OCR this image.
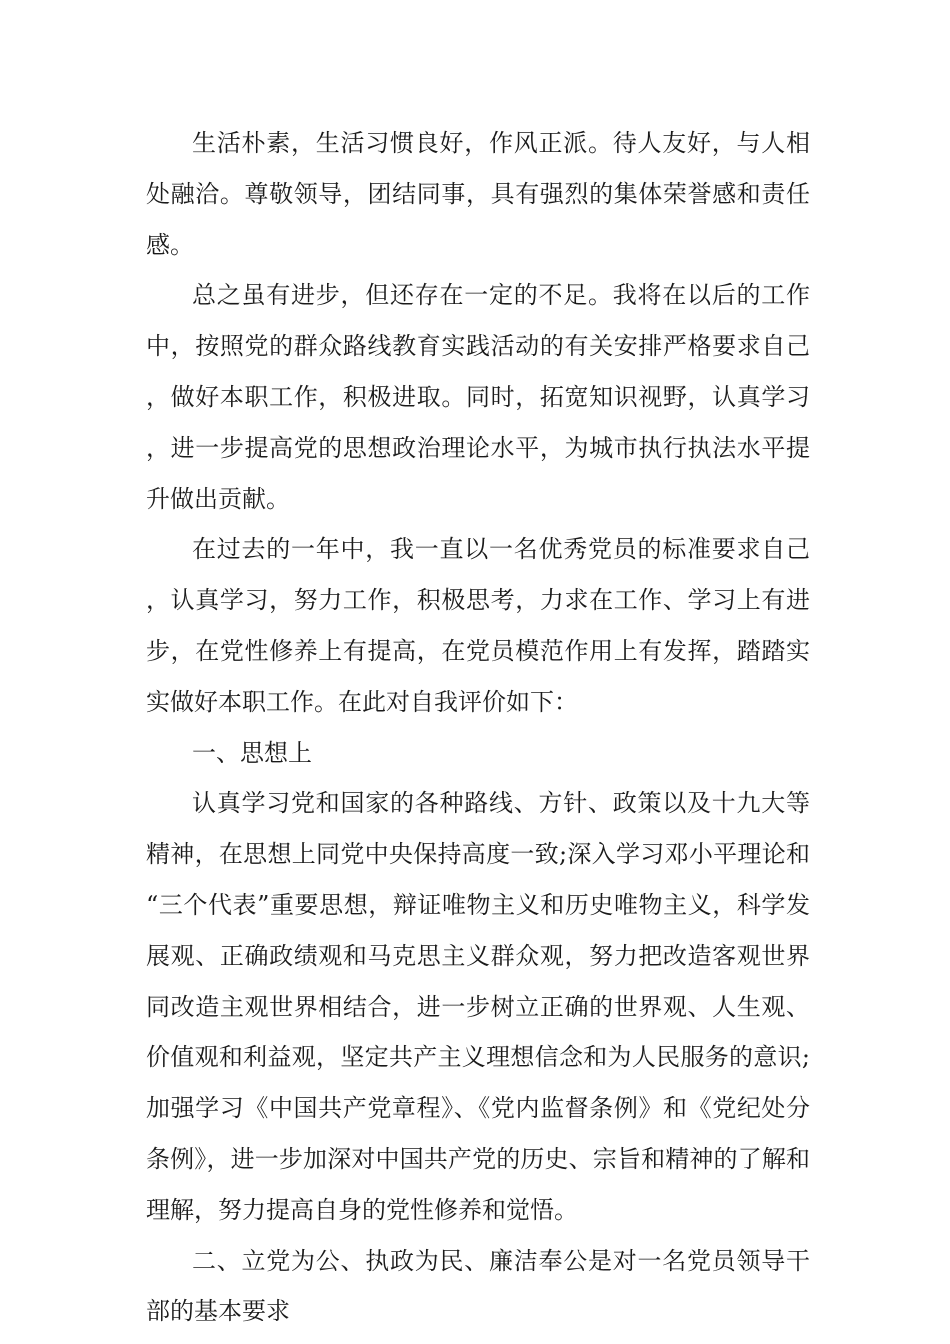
生活朴素，生活习惯良好，作风正派。待人友好，与人相处融洽。尊敬领导，团结同事，具有强烈的集体荣誉感和责任感。

总之虽有进步，但还存在一定的不足。我将在以后的工作中，按照党的群众路线教育实践活动的有关安排严格要求自己，做好本职工作，积极进取。同时，拓宽知识视野，认真学习，进一步提高党的思想政治理论水平，为城市执行执法水平提升做出贡献。

在过去的一年中，我一直以一名优秀党员的标准要求自己，认真学习，努力工作，积极思考，力求在工作、学习上有进步，在党性修养上有提高，在党员模范作用上有发挥，踏踏实实做好本职工作。在此对自我评价如下：

一、思想上

认真学习党和国家的各种路线、方针、政策以及十九大等精神，在思想上同党中央保持高度一致;深入学习邓小平理论和“三个代表”重要思想，辩证唯物主义和历史唯物主义，科学发展观、正确政绩观和马克思主义群众观，努力把改造客观世界同改造主观世界相结合，进一步树立正确的世界观、人生观、价值观和利益观，坚定共产主义理想信念和为人民服务的意识;加强学习《中国共产党章程》、《党内监督条例》和《党纪处分条例》，进一步加深对中国共产党的历史、宗旨和精神的了解和理解，努力提高自身的党性修养和觉悟。

二、立党为公、执政为民、廉洁奉公是对一名党员领导干部的基本要求
